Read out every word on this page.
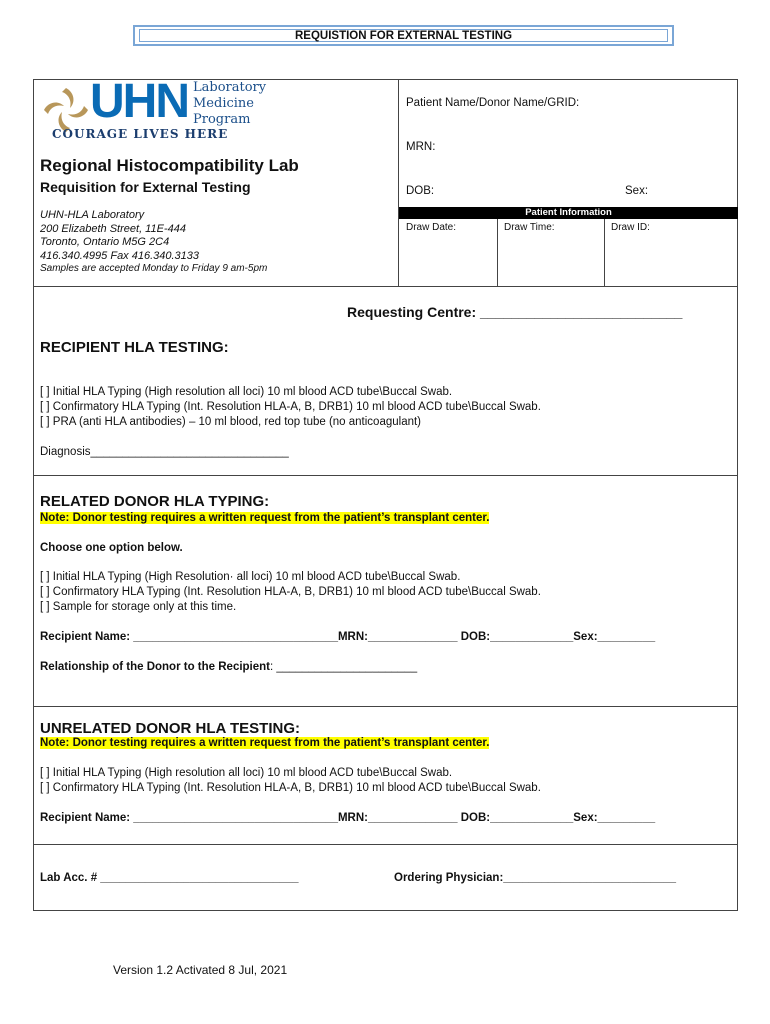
REQUISTION FOR EXTERNAL TESTING
UHN Laboratory
Medicine
Program
COURAGE LIVES HERE
Regional Histocompatibility Lab
Requisition for External Testing
UHN-HLA Laboratory
200 Elizabeth Street, 11E-444
Toronto, Ontario M5G 2C4
416.340.4995 Fax 416.340.3133
Samples are accepted Monday to Friday 9 am-5pm
Patient Name/Donor Name/GRID:
MRN:
DOB:	Sex:
Patient Information
Draw Date:	Draw Time:	Draw ID:
Requesting Centre: __________________________
RECIPIENT HLA TESTING:
[ ] Initial HLA Typing (High resolution all loci) 10 ml blood ACD tube\Buccal Swab.
[ ] Confirmatory HLA Typing (Int. Resolution HLA-A, B, DRB1) 10 ml blood ACD tube\Buccal Swab.
[ ] PRA (anti HLA antibodies) – 10 ml blood, red top tube (no anticoagulant)
Diagnosis_______________________________
RELATED DONOR HLA TYPING:
Note: Donor testing requires a written request from the patient’s transplant center.
Choose one option below.
[ ] Initial HLA Typing (High Resolution· all loci) 10 ml blood ACD tube\Buccal Swab.
[ ] Confirmatory HLA Typing (Int. Resolution HLA-A, B, DRB1) 10 ml blood ACD tube\Buccal Swab.
[ ] Sample for storage only at this time.
Recipient Name: ________________________________MRN:______________ DOB:_____________Sex:_________
Relationship of the Donor to the Recipient: ______________________
UNRELATED DONOR HLA TESTING:
Note: Donor testing requires a written request from the patient’s transplant center.
[ ] Initial HLA Typing (High resolution all loci) 10 ml blood ACD tube\Buccal Swab.
[ ] Confirmatory HLA Typing (Int. Resolution HLA-A, B, DRB1) 10 ml blood ACD tube\Buccal Swab.
Recipient Name: ________________________________MRN:______________ DOB:_____________Sex:_________
Lab Acc. # _______________________________	Ordering Physician:___________________________
Version 1.2 Activated 8 Jul, 2021
